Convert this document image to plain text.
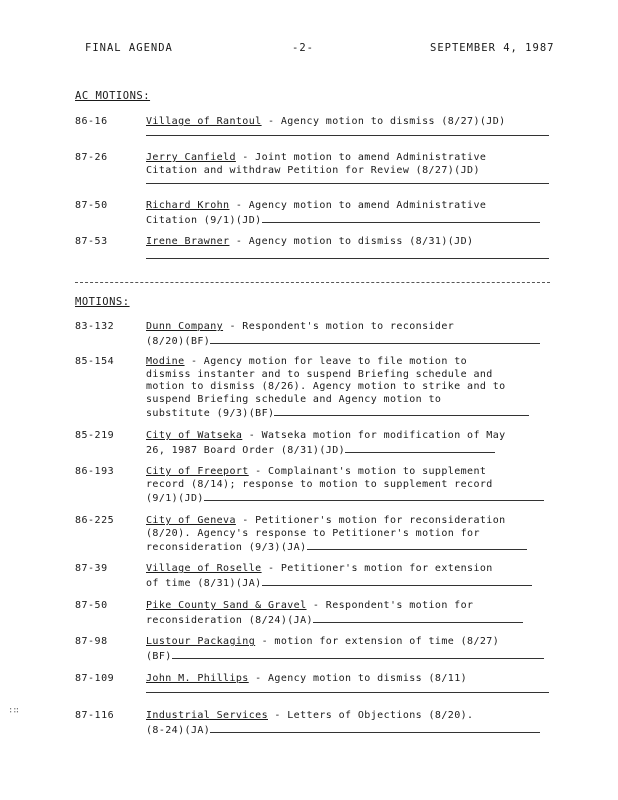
FINAL AGENDA	-2-	SEPTEMBER 4, 1987
AC MOTIONS:
86-16	Village of Rantoul - Agency motion to dismiss (8/27)(JD)
87-26	Jerry Canfield - Joint motion to amend Administrative
Citation and withdraw Petition for Review (8/27)(JD)
87-50	Richard Krohn - Agency motion to amend Administrative
Citation (9/1)(JD)
87-53	Irene Brawner - Agency motion to dismiss (8/31)(JD)
MOTIONS:
83-132	Dunn Company - Respondent's motion to reconsider
(8/20)(BF)
85-154	Modine - Agency motion for leave to file motion to
dismiss instanter and to suspend Briefing schedule and
motion to dismiss (8/26). Agency motion to strike and to
suspend Briefing schedule and Agency motion to
substitute (9/3)(BF)
85-219	City of Watseka - Watseka motion for modification of May
26, 1987 Board Order (8/31)(JD)
86-193	City of Freeport - Complainant's motion to supplement
record (8/14); response to motion to supplement record
(9/1)(JD)
86-225	City of Geneva - Petitioner's motion for reconsideration
(8/20). Agency's response to Petitioner's motion for
reconsideration (9/3)(JA)
87-39	Village of Roselle - Petitioner's motion for extension
of time (8/31)(JA)
87-50	Pike County Sand & Gravel - Respondent's motion for
reconsideration (8/24)(JA)
87-98	Lustour Packaging - motion for extension of time (8/27)
(BF)
87-109	John M. Phillips - Agency motion to dismiss (8/11)
87-116	Industrial Services - Letters of Objections (8/20).
(8-24)(JA)
∶∷
